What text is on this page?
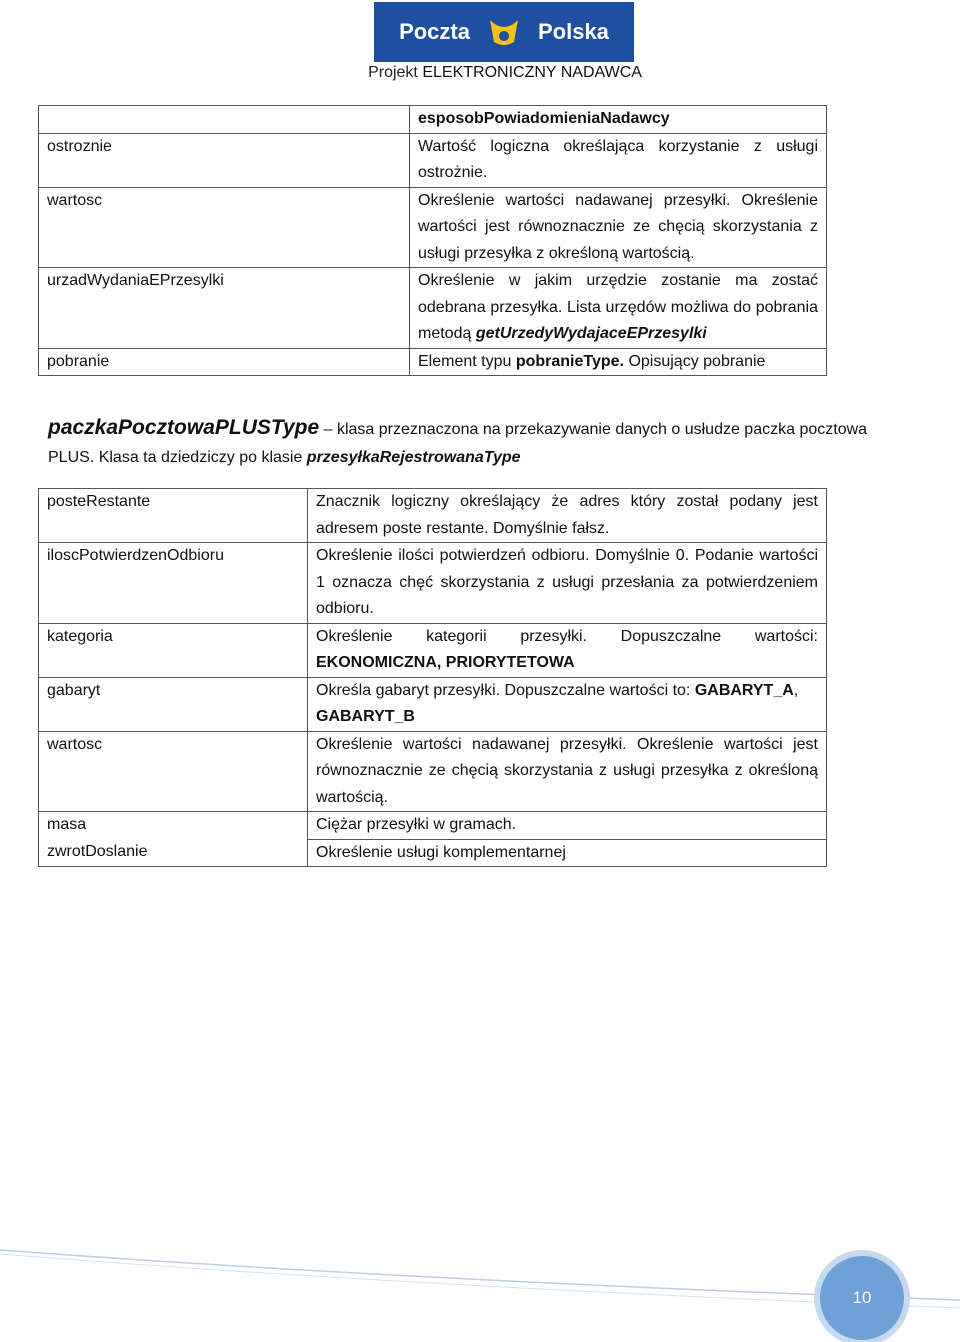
Poczta	Polska
Projekt ELEKTRONICZNY NADAWCA
	esposobPowiadomieniaNadawcy
ostroznie	Wartość logiczna określająca korzystanie z usługi ostrożnie.
wartosc	Określenie wartości nadawanej przesyłki. Określenie wartości jest równoznacznie ze chęcią skorzystania z usługi przesyłka z określoną wartością.
urzadWydaniaEPrzesylki	Określenie w jakim urzędzie zostanie ma zostać odebrana przesyłka. Lista urzędów możliwa do pobrania metodą getUrzedyWydajaceEPrzesylki
pobranie	Element typu pobranieType. Opisujący pobranie
paczkaPocztowaPLUSType – klasa przeznaczona na przekazywanie danych o usłudze paczka pocztowa
PLUS. Klasa ta dziedziczy po klasie przesyłkaRejestrowanaType
posteRestante	Znacznik logiczny określający że adres który został podany jest adresem poste restante. Domyślnie fałsz.
iloscPotwierdzenOdbioru	Określenie ilości potwierdzeń odbioru. Domyślnie 0. Podanie wartości 1 oznacza chęć skorzystania z usługi przesłania za potwierdzeniem odbioru.
kategoria	Określenie kategorii przesyłki. Dopuszczalne wartości: EKONOMICZNA, PRIORYTETOWA
gabaryt	Określa gabaryt przesyłki. Dopuszczalne wartości to: GABARYT_A, GABARYT_B
wartosc	Określenie wartości nadawanej przesyłki. Określenie wartości jest równoznacznie ze chęcią skorzystania z usługi przesyłka z określoną wartością.
masa	Ciężar przesyłki w gramach.
zwrotDoslanie	Określenie usługi komplementarnej
10
